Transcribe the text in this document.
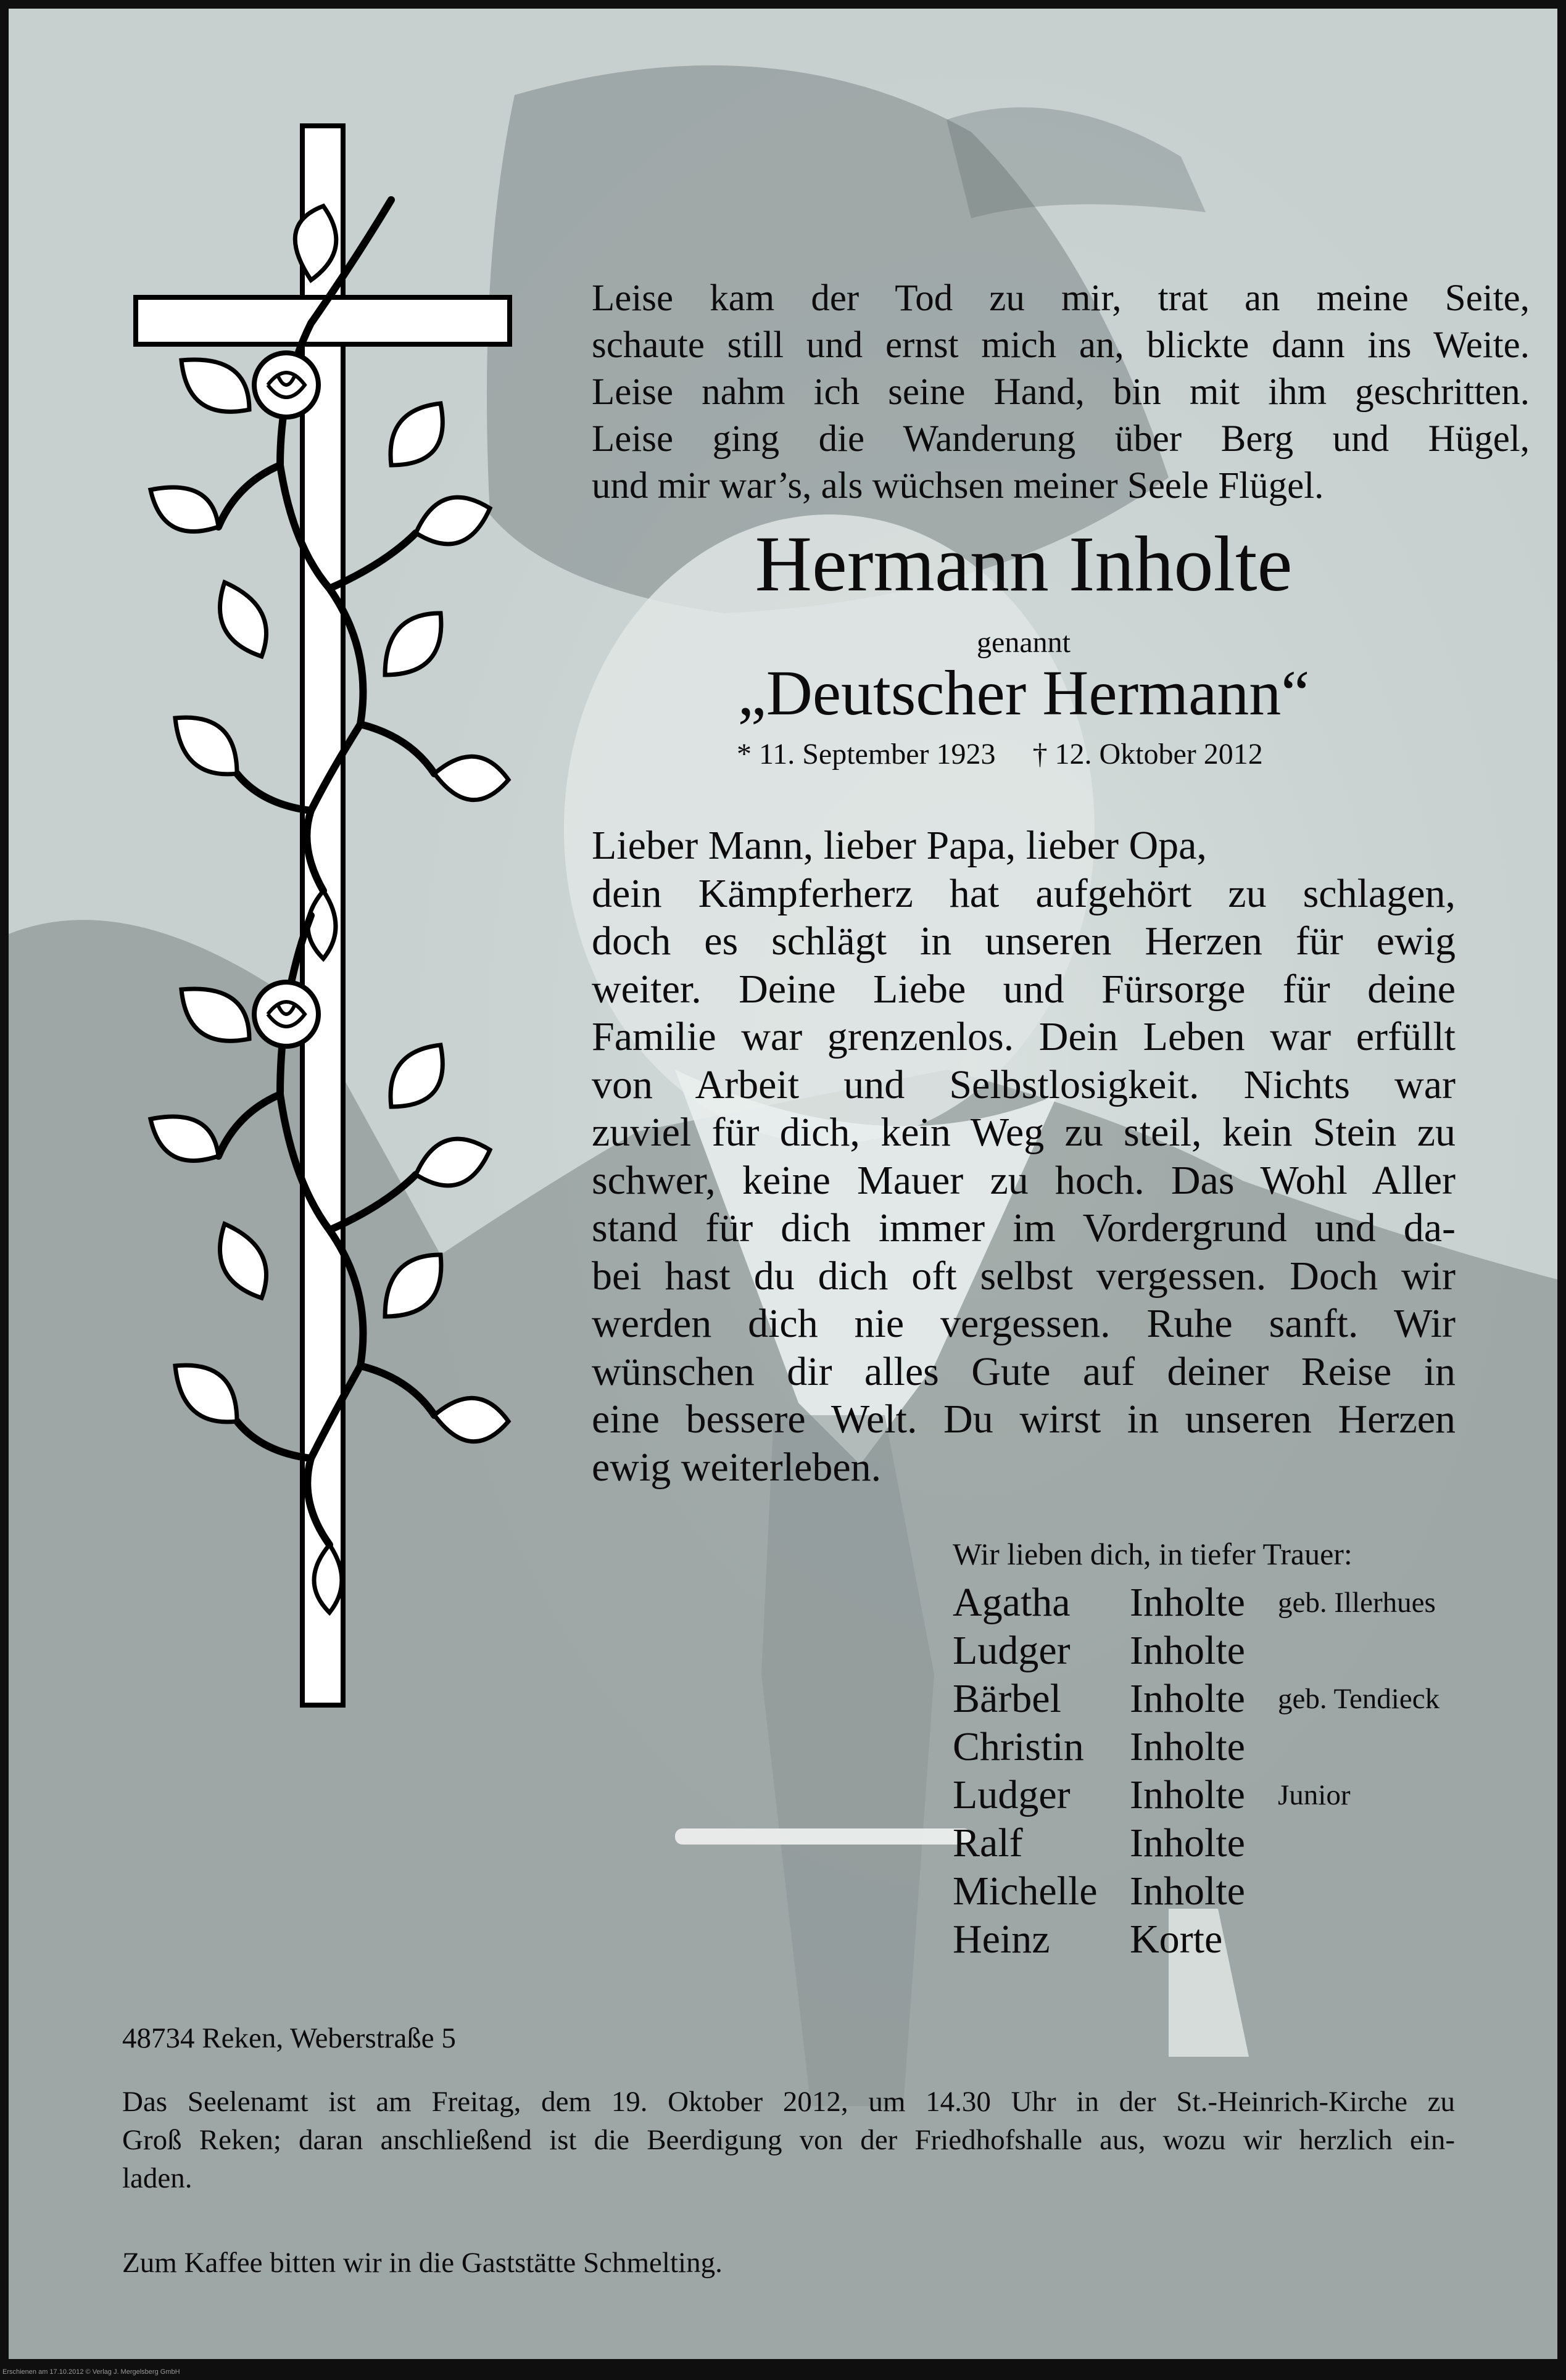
Leise kam der Tod zu mir, trat an meine Seite,
schaute still und ernst mich an, blickte dann ins Weite.
Leise nahm ich seine Hand, bin mit ihm geschritten.
Leise ging die Wanderung über Berg und Hügel,
und mir war’s, als wüchsen meiner Seele Flügel.
Hermann Inholte
genannt
„Deutscher Hermann“
* 11. September 1923 † 12. Oktober 2012
Lieber Mann, lieber Papa, lieber Opa,
dein Kämpferherz hat aufgehört zu schlagen,
doch es schlägt in unseren Herzen für ewig
weiter. Deine Liebe und Fürsorge für deine
Familie war grenzenlos. Dein Leben war erfüllt
von Arbeit und Selbstlosigkeit. Nichts war
zuviel für dich, kein Weg zu steil, kein Stein zu
schwer, keine Mauer zu hoch. Das Wohl Aller
stand für dich immer im Vordergrund und da-
bei hast du dich oft selbst vergessen. Doch wir
werden dich nie vergessen. Ruhe sanft. Wir
wünschen dir alles Gute auf deiner Reise in
eine bessere Welt. Du wirst in unseren Herzen
ewig weiterleben.
Wir lieben dich, in tiefer Trauer:
Agatha Inholte geb. Illerhues
Ludger Inholte
Bärbel Inholte geb. Tendieck
Christin Inholte
Ludger Inholte Junior
Ralf	Inholte
Michelle Inholte
Heinz Korte
48734 Reken, Weberstraße 5
Das Seelenamt ist am Freitag, dem 19. Oktober 2012, um 14.30 Uhr in der St.-Heinrich-Kirche zu
Groß Reken; daran anschließend ist die Beerdigung von der Friedhofshalle aus, wozu wir herzlich ein-
laden.
Zum Kaffee bitten wir in die Gaststätte Schmelting.
Erschienen am 17.10.2012 © Verlag J. Mergelsberg GmbH
